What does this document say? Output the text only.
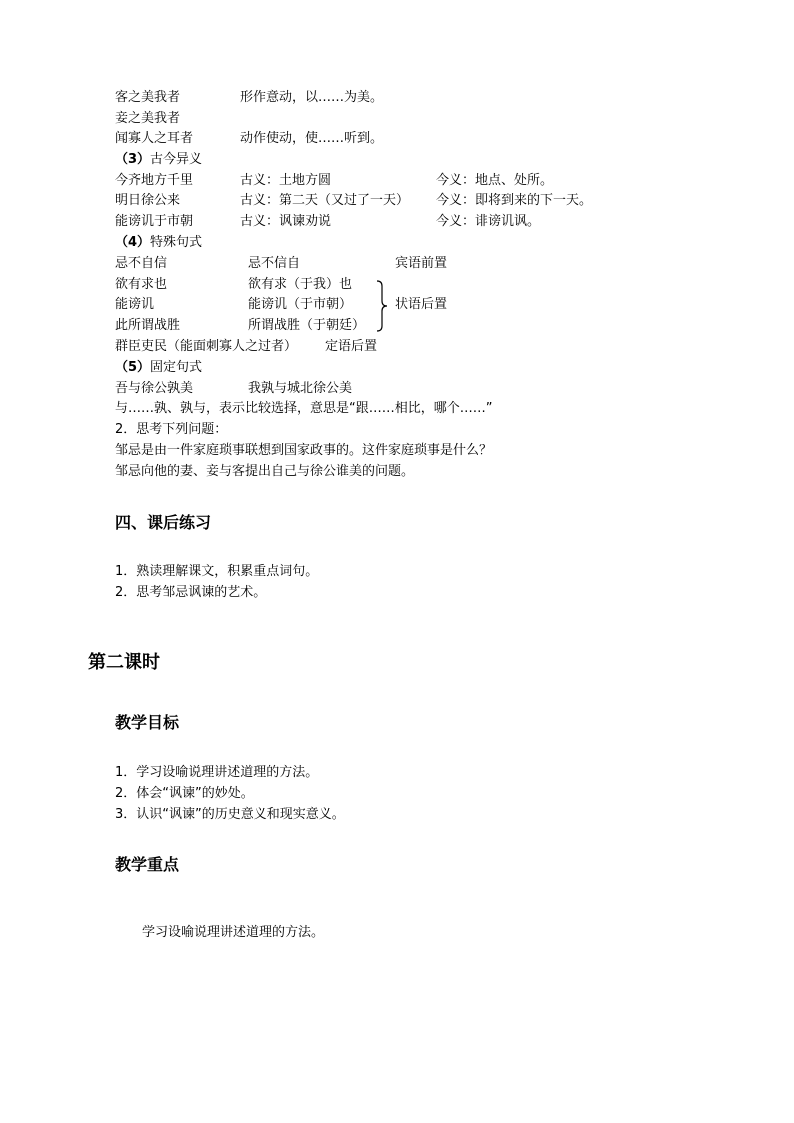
客之美我者	形作意动，以……为美。
妾之美我者
闻寡人之耳者	动作使动，使……听到。
（3）古今异义
今齐地方千里	古义：土地方圆	今义：地点、处所。
明日徐公来	古义：第二天（又过了一天） 今义：即将到来的下一天。
能谤讥于市朝	古义：讽谏劝说	今义：诽谤讥讽。
（4）特殊句式
忌不自信	忌不信自	宾语前置
欲有求也	欲有求（于我）也
能谤讥	能谤讥（于市朝）
此所谓战胜	所谓战胜（于朝廷）
状语后置
群臣吏民（能面刺寡人之过者） 定语后置
（5）固定句式
吾与徐公孰美	我孰与城北徐公美
与……孰、孰与，表示比较选择，意思是“跟……相比，哪个……”
2．思考下列问题：
邹忌是由一件家庭琐事联想到国家政事的。这件家庭琐事是什么？
邹忌向他的妻、妾与客提出自己与徐公谁美的问题。
四、课后练习
1．熟读理解课文，积累重点词句。
2．思考邹忌讽谏的艺术。
第二课时
教学目标
1．学习设喻说理讲述道理的方法。
2．体会“讽谏”的妙处。
3．认识“讽谏”的历史意义和现实意义。
教学重点
学习设喻说理讲述道理的方法。
